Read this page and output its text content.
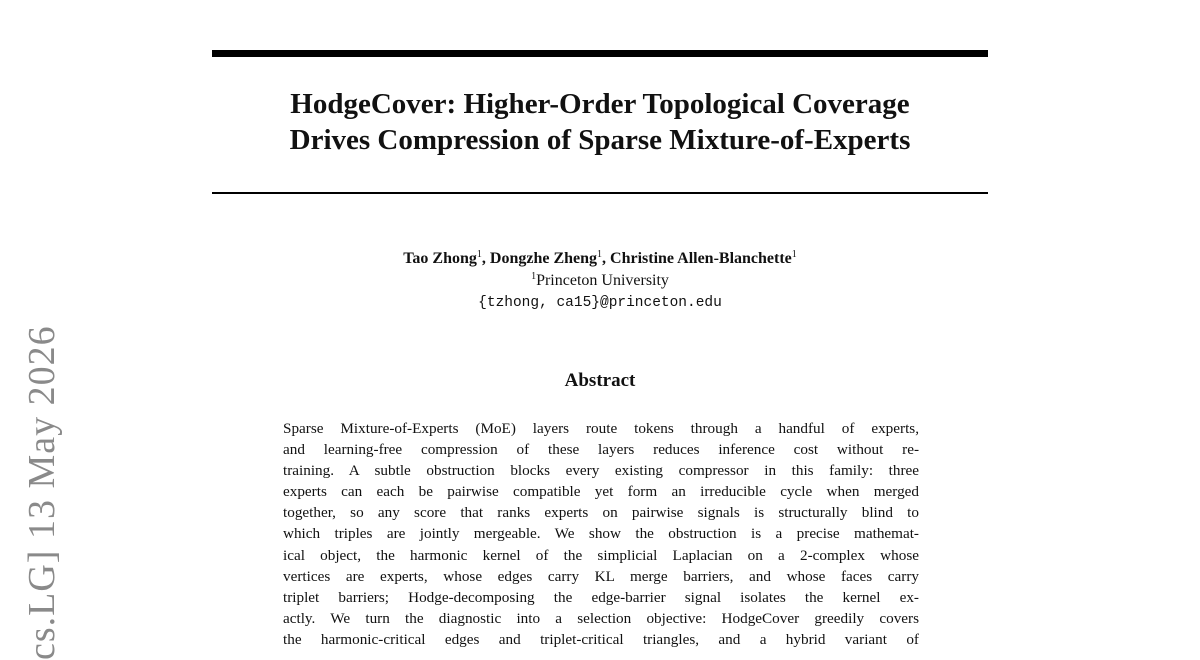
cs.LG] 13 May 2026
HodgeCover: Higher-Order Topological Coverage
Drives Compression of Sparse Mixture-of-Experts
Tao Zhong$^1$, Dongzhe Zheng$^1$, Christine Allen-Blanchette$^1$
$^1$Princeton University
{tzhong, ca15}@princeton.edu
Abstract
Sparse Mixture-of-Experts (MoE) layers route tokens through a handful of experts,
and learning-free compression of these layers reduces inference cost without re-
training. A subtle obstruction blocks every existing compressor in this family: three
experts can each be pairwise compatible yet form an irreducible cycle when merged
together, so any score that ranks experts on pairwise signals is structurally blind to
which triples are jointly mergeable. We show the obstruction is a precise mathemat-
ical object, the harmonic kernel of the simplicial Laplacian on a 2-complex whose
vertices are experts, whose edges carry KL merge barriers, and whose faces carry
triplet barriers; Hodge-decomposing the edge-barrier signal isolates the kernel ex-
actly. We turn the diagnostic into a selection objective: HodgeCover greedily covers
the harmonic-critical edges and triplet-critical triangles, and a hybrid variant of
